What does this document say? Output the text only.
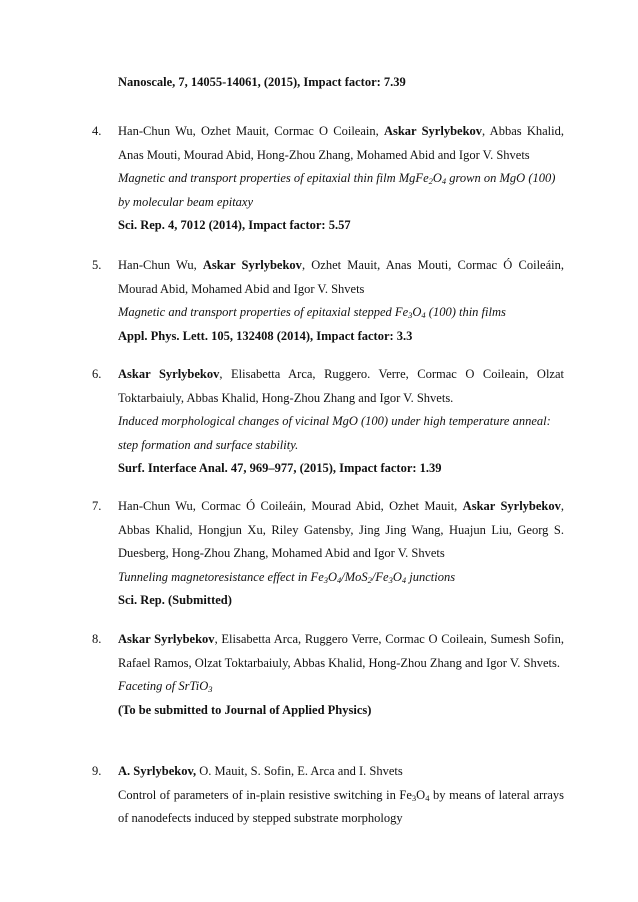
Nanoscale, 7, 14055-14061, (2015), Impact factor: 7.39

4. Han-Chun Wu, Ozhet Mauit, Cormac O Coileain, Askar Syrlybekov, Abbas Khalid, Anas Mouti, Mourad Abid, Hong-Zhou Zhang, Mohamed Abid and Igor V. Shvets

Magnetic and transport properties of epitaxial thin film $MgFe_2O_4$ grown on MgO (100) by molecular beam epitaxy

Sci. Rep. 4, 7012 (2014), Impact factor: 5.57

5. Han-Chun Wu, Askar Syrlybekov, Ozhet Mauit, Anas Mouti, Cormac Ó Coileáin, Mourad Abid, Mohamed Abid and Igor V. Shvets

Magnetic and transport properties of epitaxial stepped $Fe_3O_4$ (100) thin films

Appl. Phys. Lett. 105, 132408 (2014), Impact factor: 3.3

6. Askar Syrlybekov, Elisabetta Arca, Ruggero. Verre, Cormac O Coileain, Olzat Toktarbaiuly, Abbas Khalid, Hong-Zhou Zhang and Igor V. Shvets.

Induced morphological changes of vicinal MgO (100) under high temperature anneal: step formation and surface stability.

Surf. Interface Anal. 47, 969–977, (2015), Impact factor: 1.39

7. Han-Chun Wu, Cormac Ó Coileáin, Mourad Abid, Ozhet Mauit, Askar Syrlybekov, Abbas Khalid, Hongjun Xu, Riley Gatensby, Jing Jing Wang, Huajun Liu, Georg S. Duesberg, Hong-Zhou Zhang, Mohamed Abid and Igor V. Shvets

Tunneling magnetoresistance effect in $Fe_3O_4/MoS_2/Fe_3O_4$ junctions

Sci. Rep. (Submitted)

8. Askar Syrlybekov, Elisabetta Arca, Ruggero Verre, Cormac O Coileain, Sumesh Sofin, Rafael Ramos, Olzat Toktarbaiuly, Abbas Khalid, Hong-Zhou Zhang and Igor V. Shvets.

Faceting of SrTiO$_3$

(To be submitted to Journal of Applied Physics)

9. A. Syrlybekov, O. Mauit, S. Sofin, E. Arca and I. Shvets

Control of parameters of in-plain resistive switching in $Fe_3O_4$ by means of lateral arrays of nanodefects induced by stepped substrate morphology
